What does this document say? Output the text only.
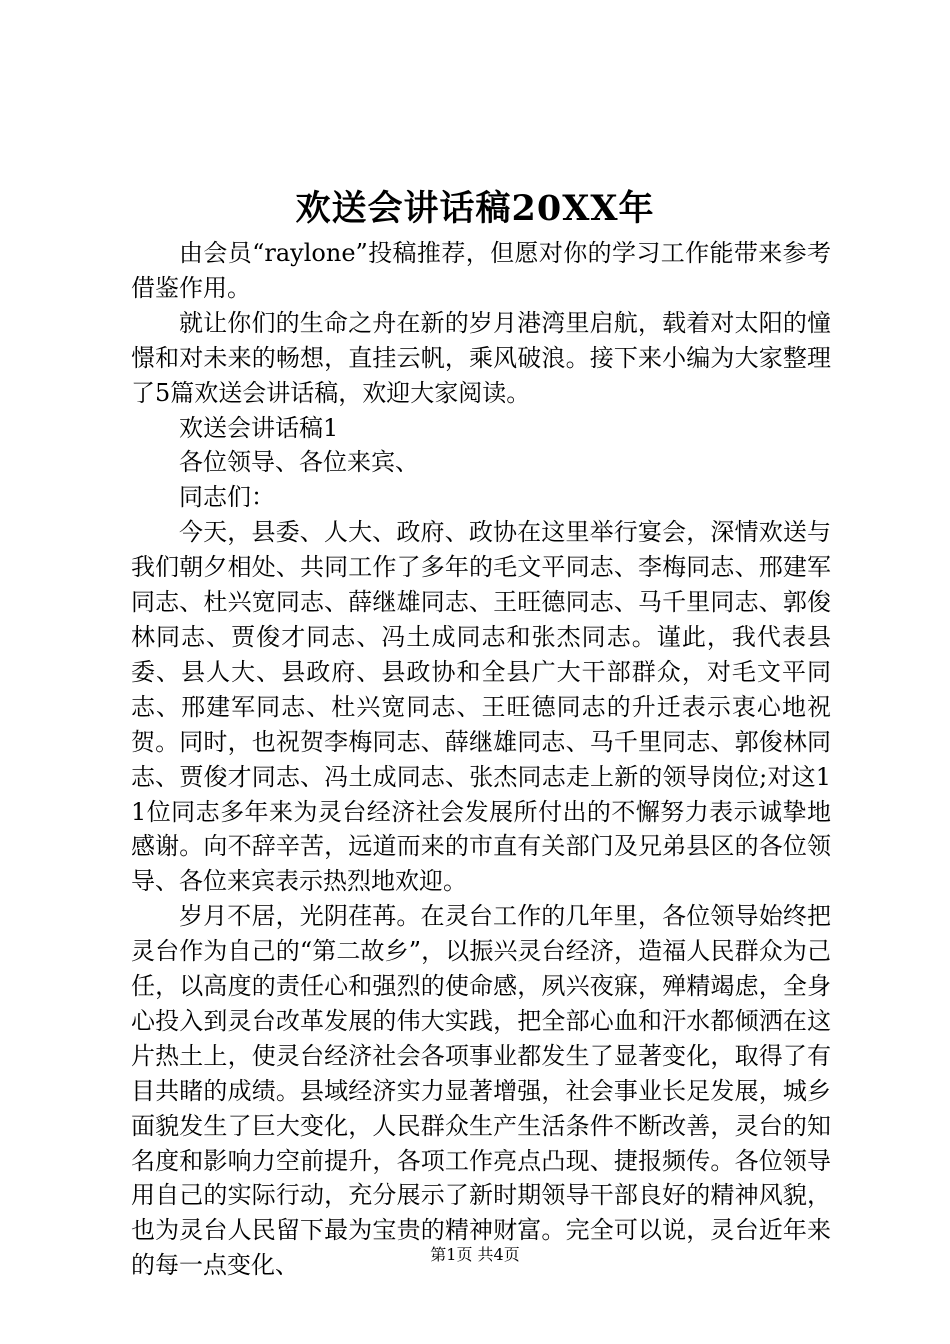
欢送会讲话稿20XX年

由会员“raylone”投稿推荐，但愿对你的学习工作能带来参考借鉴作用。

就让你们的生命之舟在新的岁月港湾里启航，载着对太阳的憧憬和对未来的畅想，直挂云帆，乘风破浪。接下来小编为大家整理了5篇欢送会讲话稿，欢迎大家阅读。

欢送会讲话稿1

各位领导、各位来宾、

同志们：

今天，县委、人大、政府、政协在这里举行宴会，深情欢送与我们朝夕相处、共同工作了多年的毛文平同志、李梅同志、邢建军同志、杜兴宽同志、薛继雄同志、王旺德同志、马千里同志、郭俊林同志、贾俊才同志、冯土成同志和张杰同志。谨此，我代表县委、县人大、县政府、县政协和全县广大干部群众，对毛文平同志、邢建军同志、杜兴宽同志、王旺德同志的升迁表示衷心地祝贺。同时，也祝贺李梅同志、薛继雄同志、马千里同志、郭俊林同志、贾俊才同志、冯土成同志、张杰同志走上新的领导岗位;对这11位同志多年来为灵台经济社会发展所付出的不懈努力表示诚挚地感谢。向不辞辛苦，远道而来的市直有关部门及兄弟县区的各位领导、各位来宾表示热烈地欢迎。

岁月不居，光阴荏苒。在灵台工作的几年里，各位领导始终把灵台作为自己的“第二故乡”，以振兴灵台经济，造福人民群众为己任，以高度的责任心和强烈的使命感，夙兴夜寐，殚精竭虑，全身心投入到灵台改革发展的伟大实践，把全部心血和汗水都倾洒在这片热土上，使灵台经济社会各项事业都发生了显著变化，取得了有目共睹的成绩。县域经济实力显著增强，社会事业长足发展，城乡面貌发生了巨大变化，人民群众生产生活条件不断改善，灵台的知名度和影响力空前提升，各项工作亮点凸现、捷报频传。各位领导用自己的实际行动，充分展示了新时期领导干部良好的精神风貌，也为灵台人民留下最为宝贵的精神财富。完全可以说，灵台近年来的每一点变化、	第1页 共4页
